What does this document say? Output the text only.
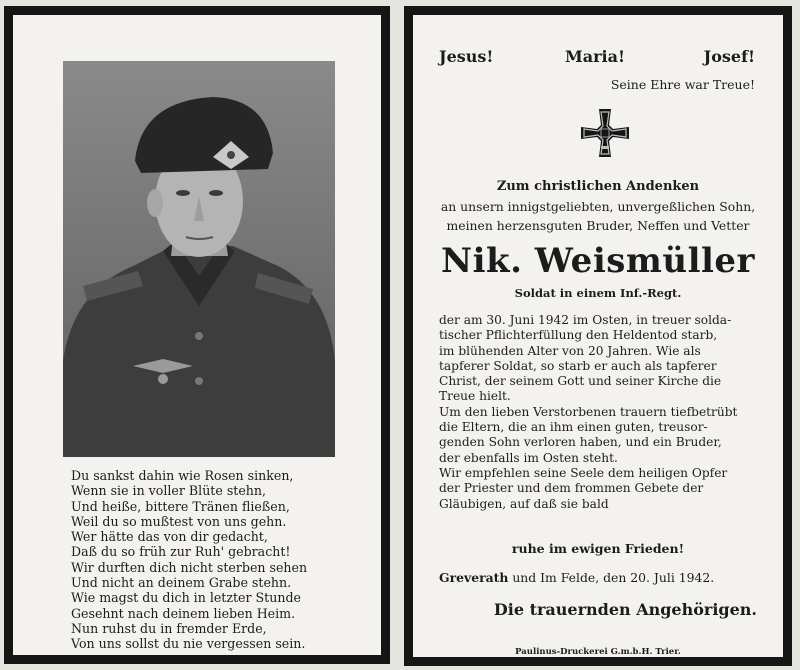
Du sankst dahin wie Rosen sinken,
Wenn sie in voller Blüte stehn,
Und heiße, bittere Tränen fließen,
Weil du so mußtest von uns gehn.
Wer hätte das von dir gedacht,
Daß du so früh zur Ruh' gebracht!
Wir durften dich nicht sterben sehen
Und nicht an deinem Grabe stehn.
Wie magst du dich in letzter Stunde
Gesehnt nach deinem lieben Heim.
Nun ruhst du in fremder Erde,
Von uns sollst du nie vergessen sein.
Jesus!	Maria!	Josef!
Seine Ehre war Treue!
Zum christlichen Andenken
an unsern innigstgeliebten, unvergeßlichen Sohn,
meinen herzensguten Bruder, Neffen und Vetter
Nik. Weismüller
Soldat in einem Inf.-Regt.
der am 30. Juni 1942 im Osten, in treuer solda-
tischer Pflichterfüllung den Heldentod starb,
im blühenden Alter von 20 Jahren. Wie als
tapferer Soldat, so starb er auch als tapferer
Christ, der seinem Gott und seiner Kirche die
Treue hielt.
Um den lieben Verstorbenen trauern tiefbetrübt
die Eltern, die an ihm einen guten, treusor-
genden Sohn verloren haben, und ein Bruder,
der ebenfalls im Osten steht.
Wir empfehlen seine Seele dem heiligen Opfer
der Priester und dem frommen Gebete der
Gläubigen, auf daß sie bald
ruhe im ewigen Frieden!
Greverath und Im Felde, den 20. Juli 1942.
Die trauernden Angehörigen.
Paulinus-Druckerei G.m.b.H. Trier.
